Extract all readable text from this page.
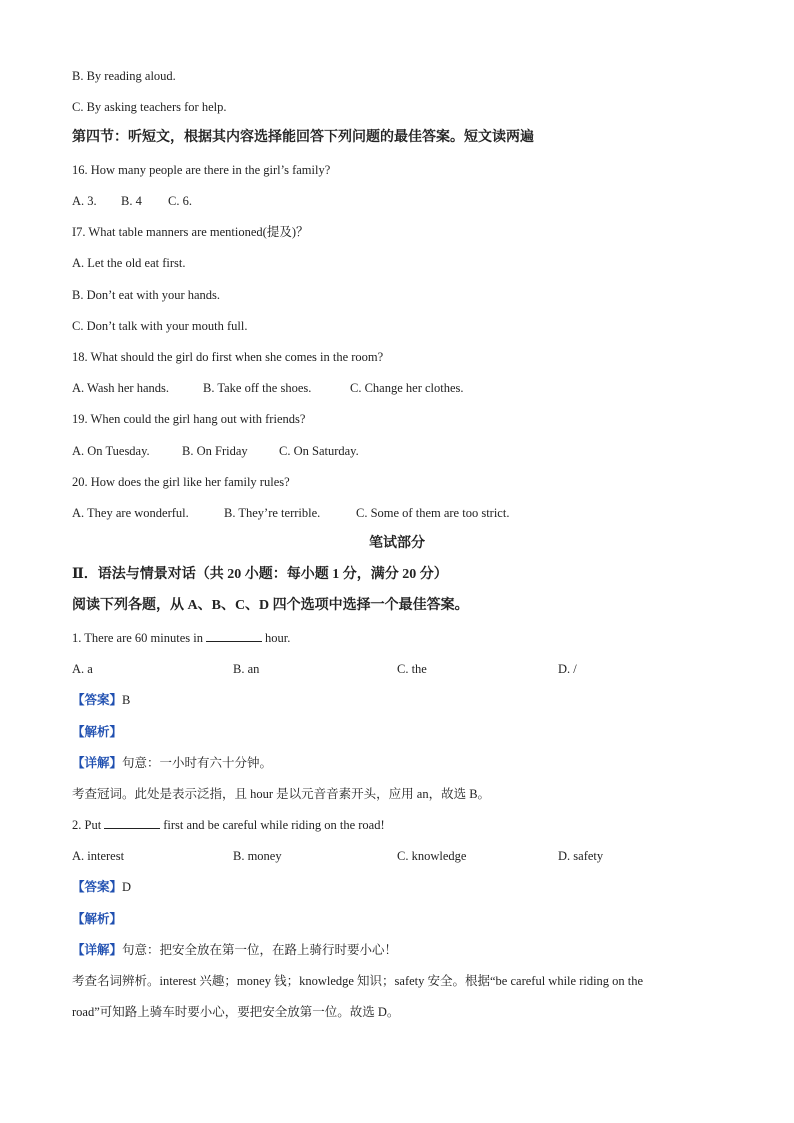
B. By reading aloud.
C. By asking teachers for help.
第四节：听短文，根据其内容选择能回答下列问题的最佳答案。短文读两遍
16. How many people are there in the girl’s family?
A. 3. B. 4 C. 6.
I7. What table manners are mentioned(提及)？
A. Let the old eat first.
B. Don’t eat with your hands.
C. Don’t talk with your mouth full.
18. What should the girl do first when she comes in the room?
A. Wash her hands.	B. Take off the shoes.	C. Change her clothes.
19. When could the girl hang out with friends?
A. On Tuesday.	B. On Friday	C. On Saturday.
20. How does the girl like her family rules?
A. They are wonderful.	B. They’re terrible.	C. Some of them are too strict.
笔试部分
Ⅱ．语法与情景对话（共 20 小题：每小题 1 分，满分 20 分）
阅读下列各题，从 A、B、C、D 四个选项中选择一个最佳答案。
1. There are 60 minutes in	hour.
A. a	B. an	C. the	D. /
【答案】B
【解析】
【详解】句意：一小时有六十分钟。
考查冠词。此处是表示泛指，且 hour 是以元音音素开头，应用 an，故选 B。
2. Put	first and be careful while riding on the road!
A. interest	B. money	C. knowledge	D. safety
【答案】D
【解析】
【详解】句意：把安全放在第一位，在路上骑行时要小心！
考查名词辨析。interest 兴趣；money 钱；knowledge 知识；safety 安全。根据“be careful while riding on the
road”可知路上骑车时要小心，要把安全放第一位。故选 D。
